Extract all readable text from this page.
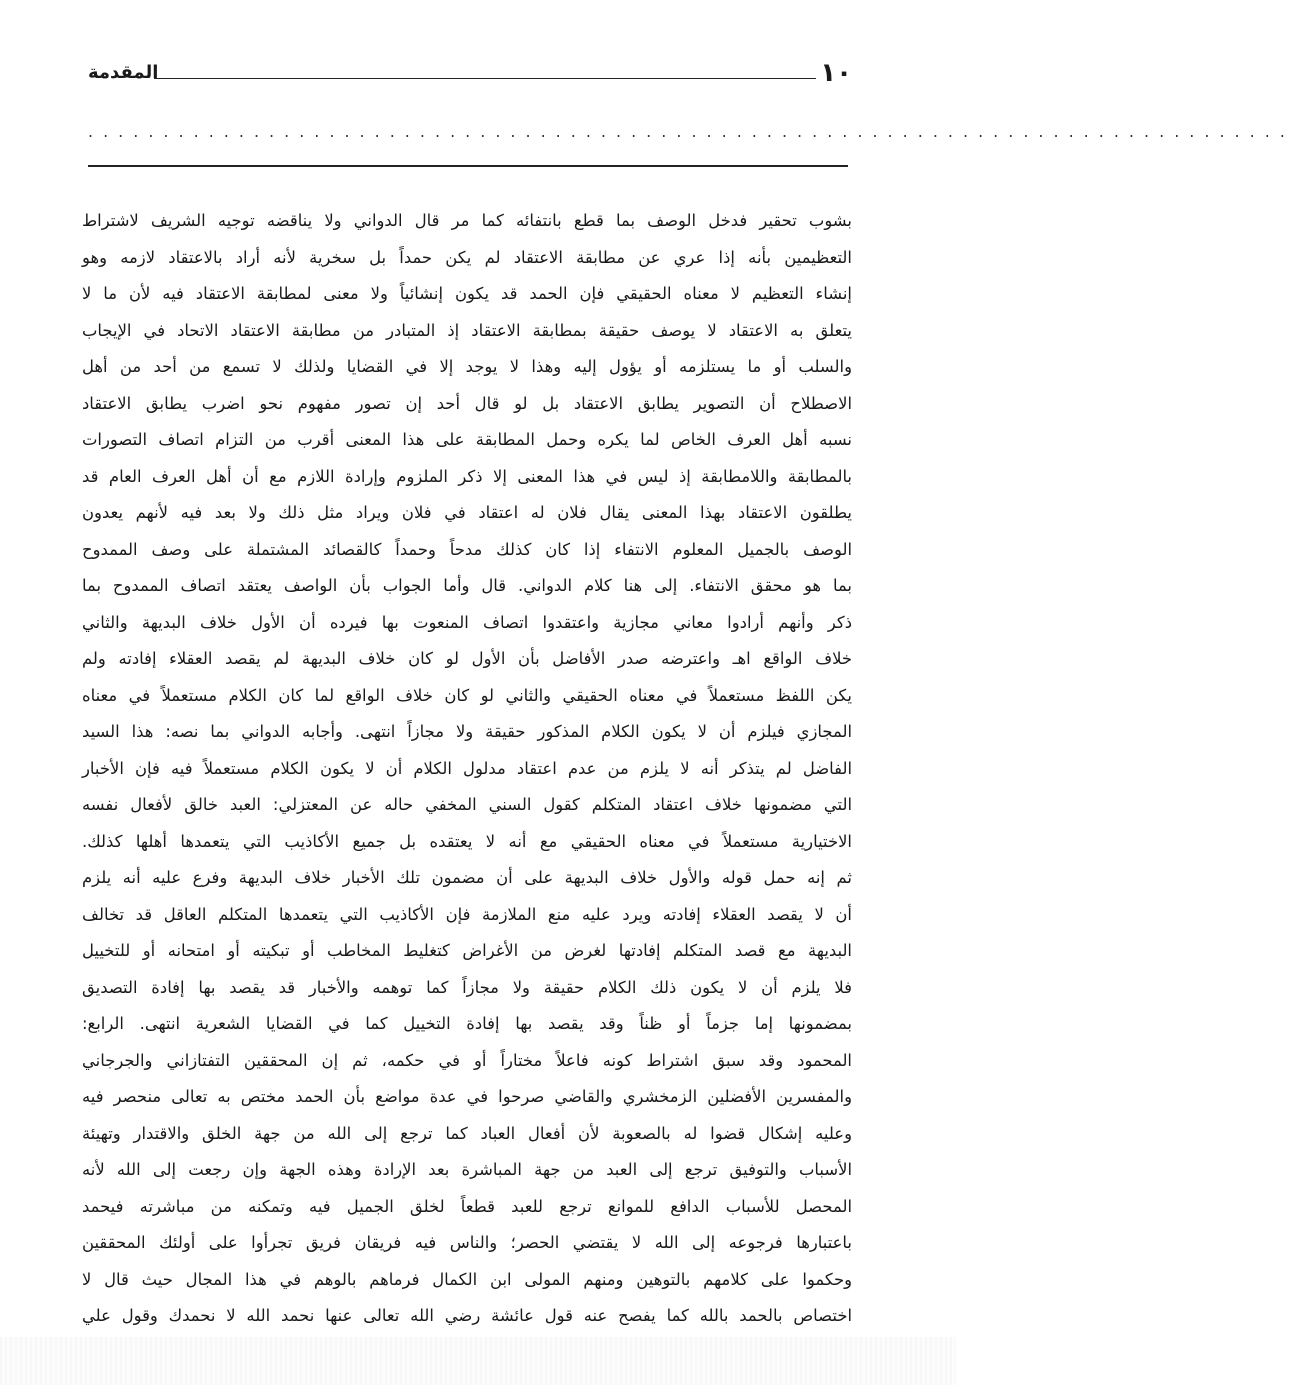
المقدمة	١٠
................................................................................
بشوب تحقير فدخل الوصف بما قطع بانتفائه كما مر قال الدواني ولا يناقضه توجيه الشريف لاشتراط
التعظيمين بأنه إذا عري عن مطابقة الاعتقاد لم يكن حمداً بل سخرية لأنه أراد بالاعتقاد لازمه وهو
إنشاء التعظيم لا معناه الحقيقي فإن الحمد قد يكون إنشائياً ولا معنى لمطابقة الاعتقاد فيه لأن ما لا
يتعلق به الاعتقاد لا يوصف حقيقة بمطابقة الاعتقاد إذ المتبادر من مطابقة الاعتقاد الاتحاد في الإيجاب
والسلب أو ما يستلزمه أو يؤول إليه وهذا لا يوجد إلا في القضايا ولذلك لا تسمع من أحد من أهل
الاصطلاح أن التصوير يطابق الاعتقاد بل لو قال أحد إن تصور مفهوم نحو اضرب يطابق الاعتقاد
نسبه أهل العرف الخاص لما يكره وحمل المطابقة على هذا المعنى أقرب من التزام اتصاف التصورات
بالمطابقة واللامطابقة إذ ليس في هذا المعنى إلا ذكر الملزوم وإرادة اللازم مع أن أهل العرف العام قد
يطلقون الاعتقاد بهذا المعنى يقال فلان له اعتقاد في فلان ويراد مثل ذلك ولا بعد فيه لأنهم يعدون
الوصف بالجميل المعلوم الانتفاء إذا كان كذلك مدحاً وحمداً كالقصائد المشتملة على وصف الممدوح
بما هو محقق الانتفاء. إلى هنا كلام الدواني. قال وأما الجواب بأن الواصف يعتقد اتصاف الممدوح بما
ذكر وأنهم أرادوا معاني مجازية واعتقدوا اتصاف المنعوت بها فيرده أن الأول خلاف البديهة والثاني
خلاف الواقع اهـ واعترضه صدر الأفاضل بأن الأول لو كان خلاف البديهة لم يقصد العقلاء إفادته ولم
يكن اللفظ مستعملاً في معناه الحقيقي والثاني لو كان خلاف الواقع لما كان الكلام مستعملاً في معناه
المجازي فيلزم أن لا يكون الكلام المذكور حقيقة ولا مجازاً انتهى. وأجابه الدواني بما نصه: هذا السيد
الفاضل لم يتذكر أنه لا يلزم من عدم اعتقاد مدلول الكلام أن لا يكون الكلام مستعملاً فيه فإن الأخبار
التي مضمونها خلاف اعتقاد المتكلم كقول السني المخفي حاله عن المعتزلي: العبد خالق لأفعال نفسه
الاختيارية مستعملاً في معناه الحقيقي مع أنه لا يعتقده بل جميع الأكاذيب التي يتعمدها أهلها كذلك.
ثم إنه حمل قوله والأول خلاف البديهة على أن مضمون تلك الأخبار خلاف البديهة وفرع عليه أنه يلزم
أن لا يقصد العقلاء إفادته ويرد عليه منع الملازمة فإن الأكاذيب التي يتعمدها المتكلم العاقل قد تخالف
البديهة مع قصد المتكلم إفادتها لغرض من الأغراض كتغليط المخاطب أو تبكيته أو امتحانه أو للتخييل
فلا يلزم أن لا يكون ذلك الكلام حقيقة ولا مجازاً كما توهمه والأخبار قد يقصد بها إفادة التصديق
بمضمونها إما جزماً أو ظناً وقد يقصد بها إفادة التخييل كما في القضايا الشعرية انتهى. الرابع:
المحمود وقد سبق اشتراط كونه فاعلاً مختاراً أو في حكمه، ثم إن المحققين التفتازاني والجرجاني
والمفسرين الأفضلين الزمخشري والقاضي صرحوا في عدة مواضع بأن الحمد مختص به تعالى منحصر فيه
وعليه إشكال قضوا له بالصعوبة لأن أفعال العباد كما ترجع إلى الله من جهة الخلق والاقتدار وتهيئة
الأسباب والتوفيق ترجع إلى العبد من جهة المباشرة بعد الإرادة وهذه الجهة وإن رجعت إلى الله لأنه
المحصل للأسباب الدافع للموانع ترجع للعبد قطعاً لخلق الجميل فيه وتمكنه من مباشرته فيحمد
باعتبارها فرجوعه إلى الله لا يقتضي الحصر؛ والناس فيه فريقان فريق تجرأوا على أولئك المحققين
وحكموا على كلامهم بالتوهين ومنهم المولى ابن الكمال فرماهم بالوهم في هذا المجال حيث قال لا
اختصاص بالحمد بالله كما يفصح عنه قول عائشة رضي الله تعالى عنها نحمد الله لا نحمدك وقول علي
